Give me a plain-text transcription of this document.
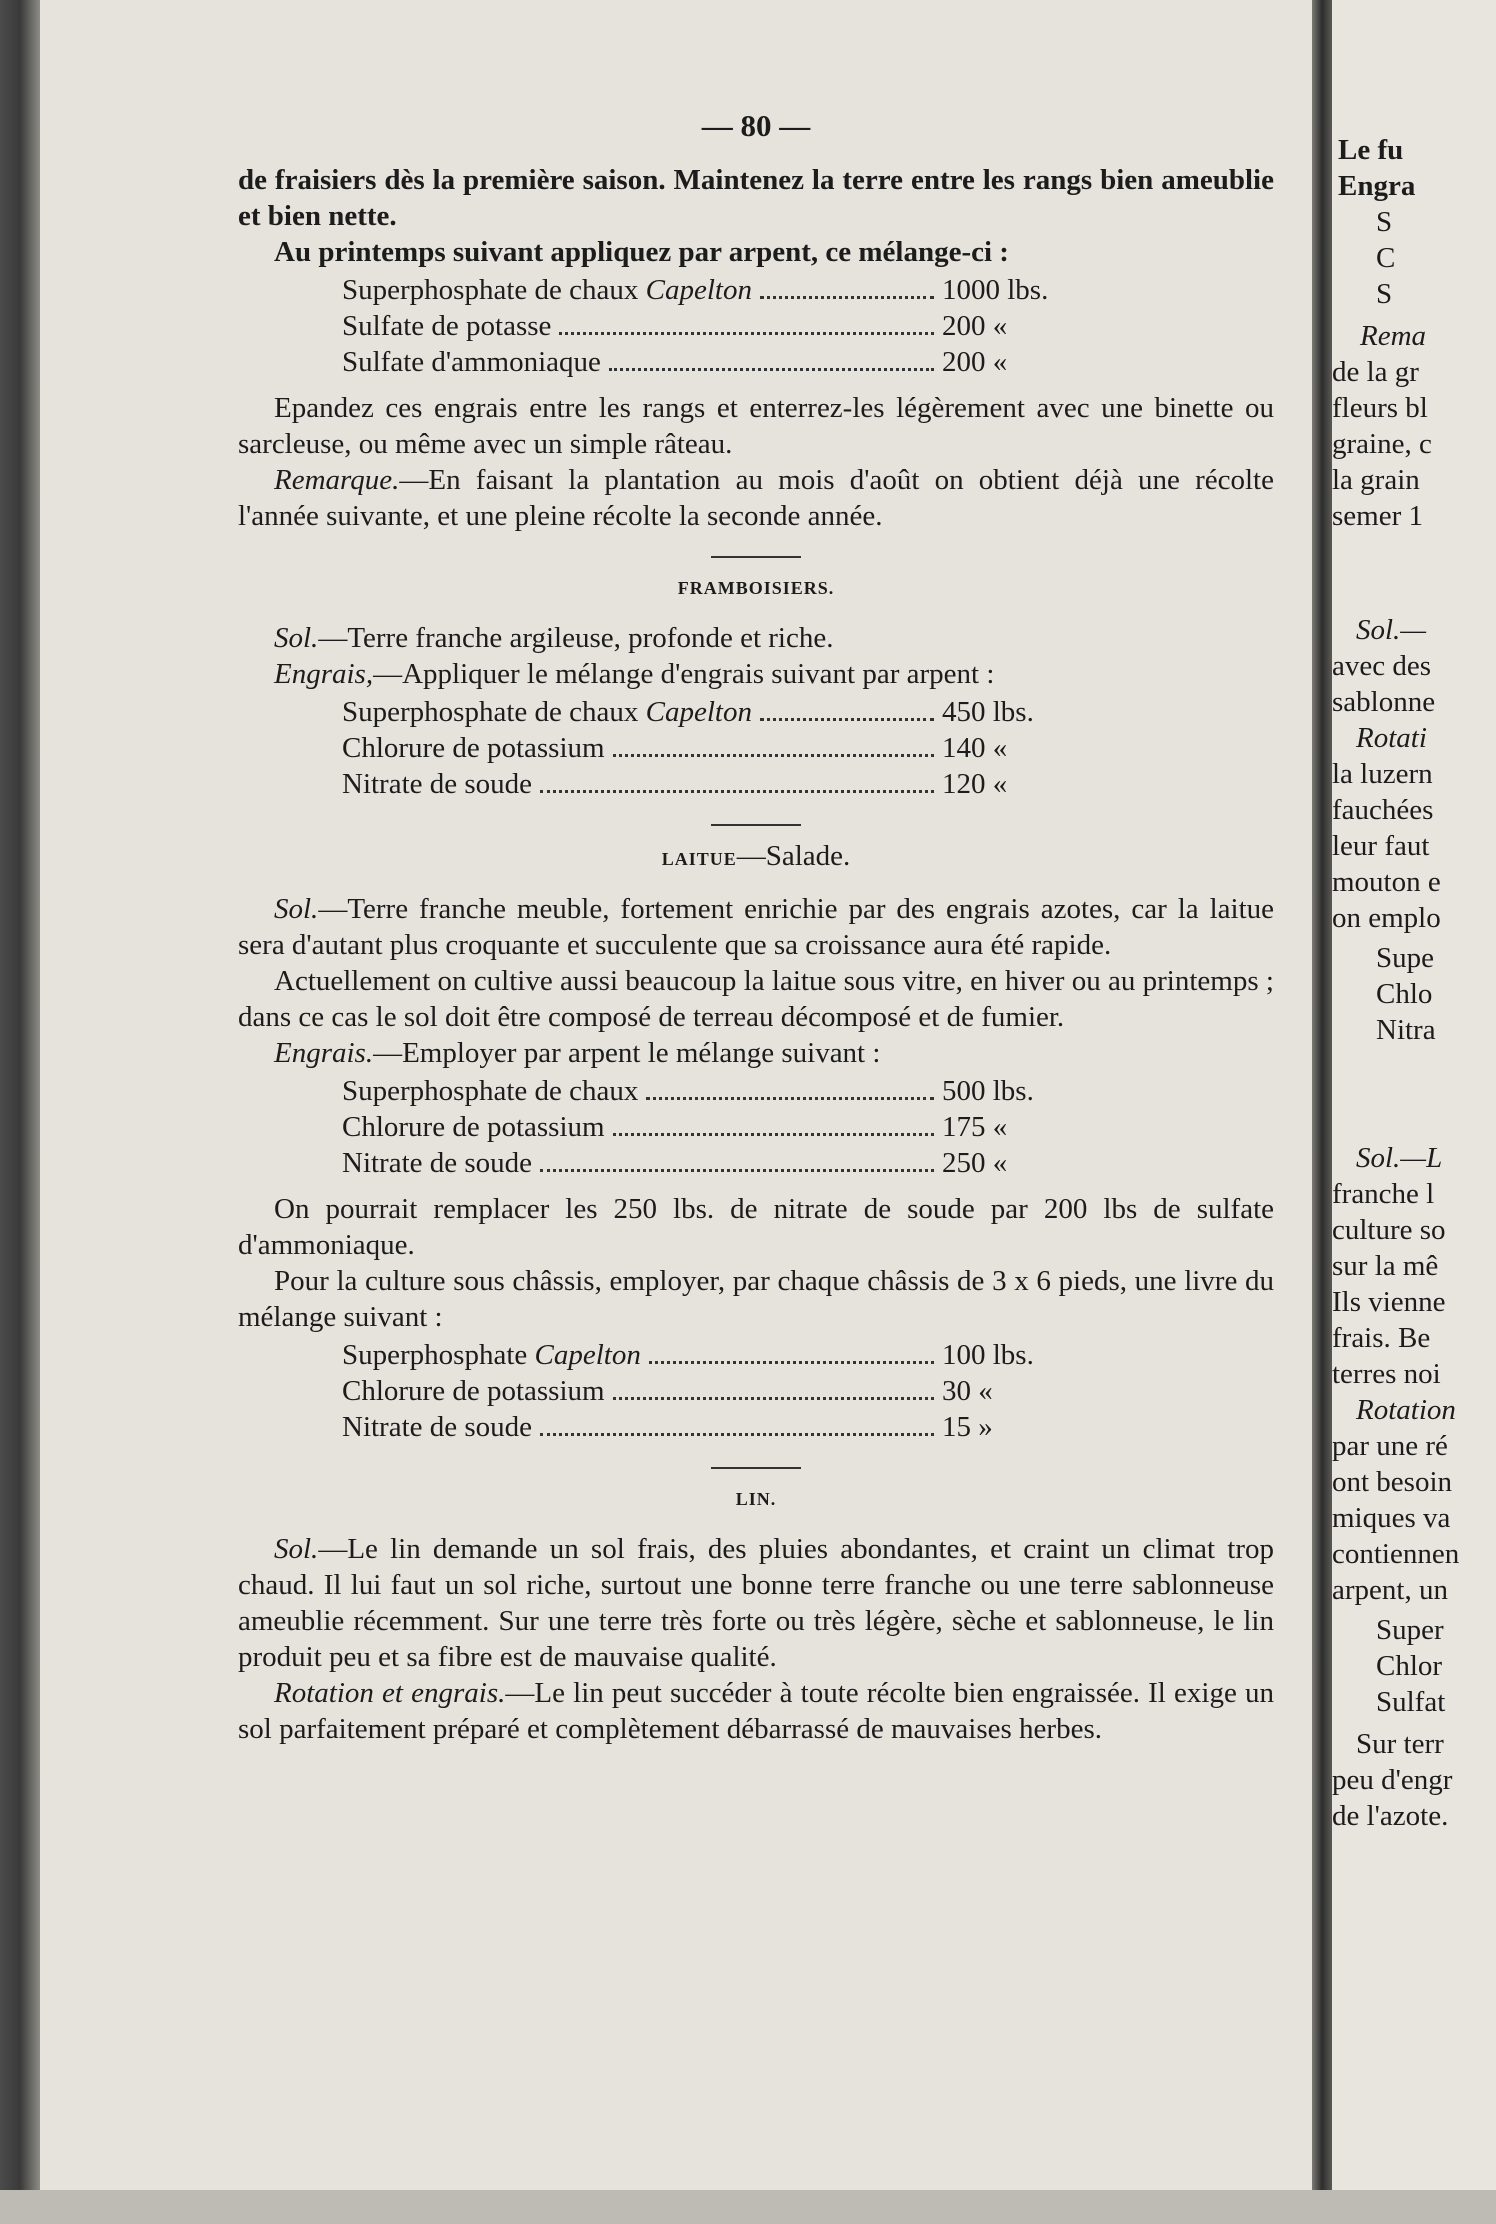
Le fu
Engra
S
C
S
Rema
de la gr
fleurs bl
graine, c
la grain
semer 1
Sol.—
avec des
sablonne
Rotati
la luzern
fauchées
leur faut
mouton e
on emplo
Supe
Chlo
Nitra
Sol.—L
franche l
culture so
sur la mê
Ils vienne
frais. Be
terres noi
Rotation
par une ré
ont besoin
miques va
contiennen
arpent, un
Super
Chlor
Sulfat
Sur terr
peu d'engr
de l'azote.
— 80 —

de fraisiers dès la première saison. Maintenez la terre entre les rangs bien ameublie et bien nette.

Au printemps suivant appliquez par arpent, ce mélange-ci :

Superphosphate de chaux Capelton	1000 lbs.
Sulfate de potasse	200 «
Sulfate d'ammoniaque	200 «

Epandez ces engrais entre les rangs et enterrez-les légèrement avec une binette ou sarcleuse, ou même avec un simple râteau.

Remarque.—En faisant la plantation au mois d'août on obtient déjà une récolte l'année suivante, et une pleine récolte la seconde année.

FRAMBOISIERS.

Sol.—Terre franche argileuse, profonde et riche.

Engrais,—Appliquer le mélange d'engrais suivant par arpent :

Superphosphate de chaux Capelton	450 lbs.
Chlorure de potassium	140 «
Nitrate de soude	120 «
LAITUE—Salade.

Sol.—Terre franche meuble, fortement enrichie par des engrais azotes, car la laitue sera d'autant plus croquante et succulente que sa croissance aura été rapide.

Actuellement on cultive aussi beaucoup la laitue sous vitre, en hiver ou au printemps ; dans ce cas le sol doit être composé de terreau décomposé et de fumier.

Engrais.—Employer par arpent le mélange suivant :

Superphosphate de chaux	500 lbs.
Chlorure de potassium	175 «
Nitrate de soude	250 «

On pourrait remplacer les 250 lbs. de nitrate de soude par 200 lbs de sulfate d'ammoniaque.

Pour la culture sous châssis, employer, par chaque châssis de 3 x 6 pieds, une livre du mélange suivant :

Superphosphate Capelton	100 lbs.
Chlorure de potassium	30 «
Nitrate de soude	15 »
LIN.

Sol.—Le lin demande un sol frais, des pluies abondantes, et craint un climat trop chaud. Il lui faut un sol riche, surtout une bonne terre franche ou une terre sablonneuse ameublie récemment. Sur une terre très forte ou très légère, sèche et sablonneuse, le lin produit peu et sa fibre est de mauvaise qualité.

Rotation et engrais.—Le lin peut succéder à toute récolte bien engraissée. Il exige un sol parfaitement préparé et complètement débarrassé de mauvaises herbes.
